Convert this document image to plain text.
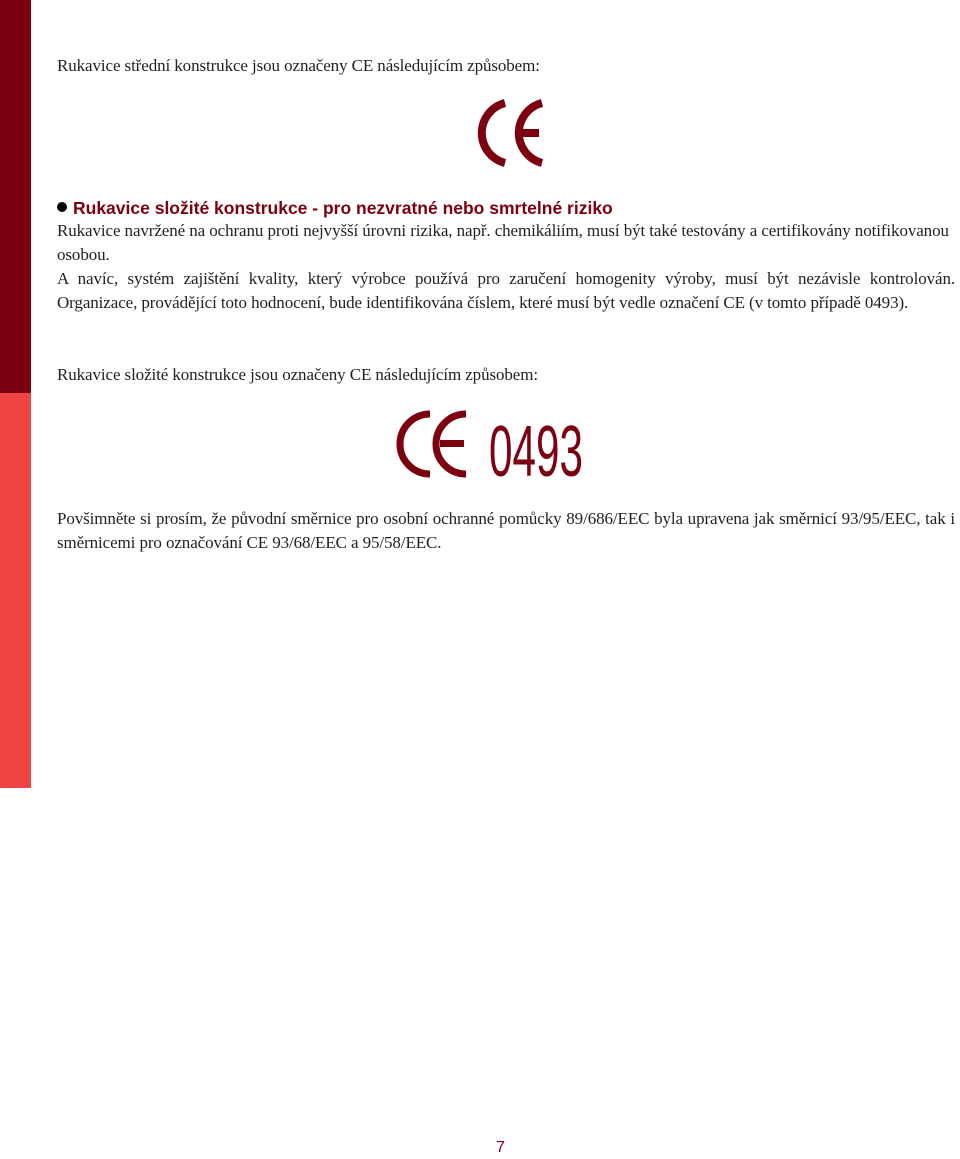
Rukavice střední konstrukce jsou označeny CE následujícím způsobem:

Rukavice složité konstrukce - pro nezvratné nebo smrtelné riziko

Rukavice navržené na ochranu proti nejvyšší úrovni rizika, např. chemikáliím, musí být také testovány a certifikovány notifikovanou osobou.

A navíc, systém zajištění kvality, který výrobce používá pro zaručení homogenity výroby, musí být nezávisle kontrolován. Organizace, provádějící toto hodnocení, bude identifikována číslem, které musí být vedle označení CE (v tomto případě 0493).

Rukavice složité konstrukce jsou označeny CE následujícím způsobem:

0493

Povšimněte si prosím, že původní směrnice pro osobní ochranné pomůcky 89/686/EEC byla upravena jak směrnicí 93/95/EEC, tak i směrnicemi pro označování CE 93/68/EEC a 95/58/EEC.

7
